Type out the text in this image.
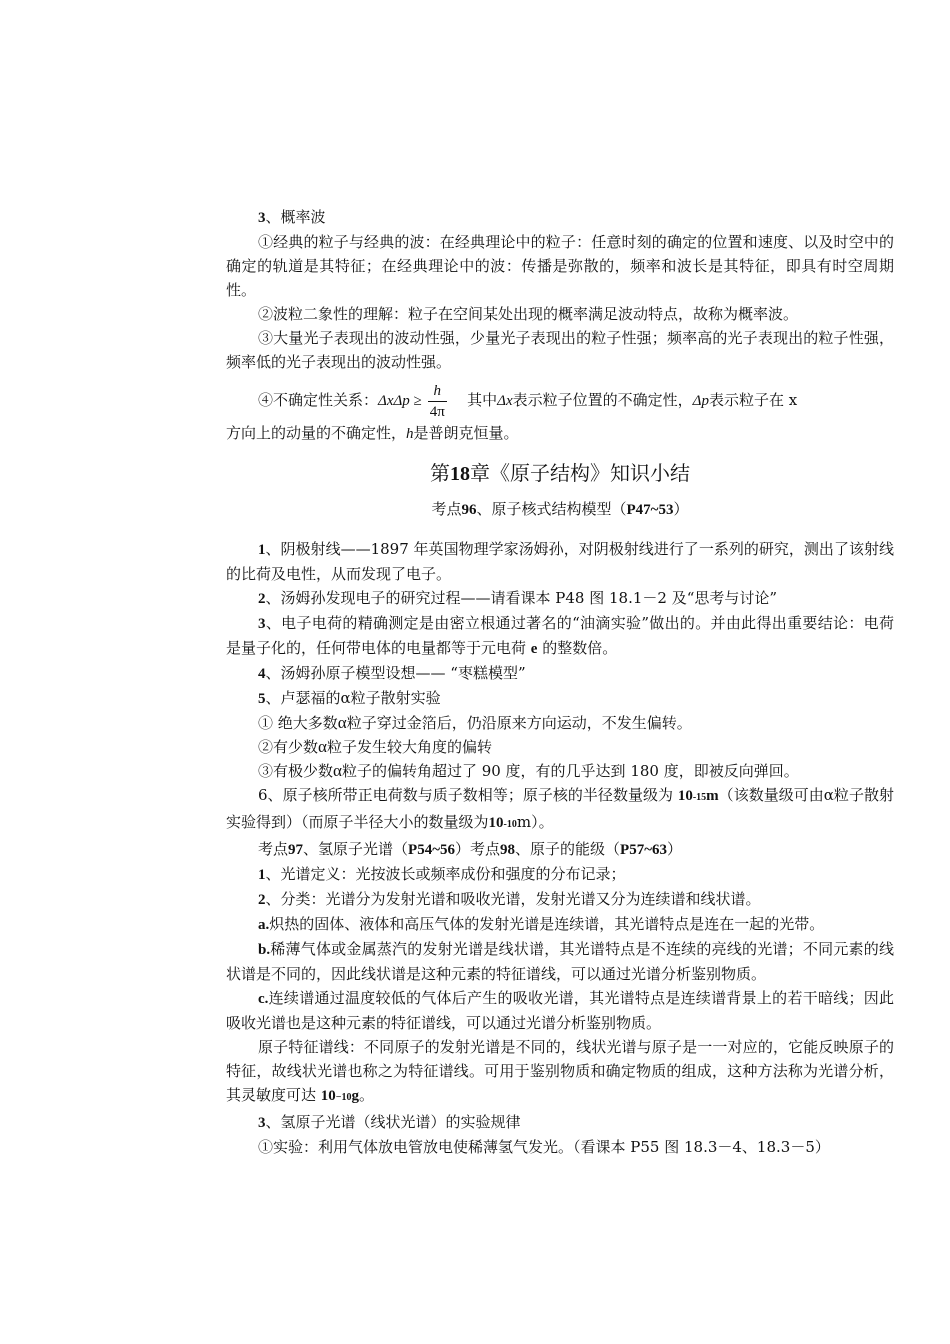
3、概率波

①经典的粒子与经典的波：在经典理论中的粒子：任意时刻的确定的位置和速度、以及时空中的确定的轨道是其特征；在经典理论中的波：传播是弥散的，频率和波长是其特征，即具有时空周期性。

②波粒二象性的理解：粒子在空间某处出现的概率满足波动特点，故称为概率波。

③大量光子表现出的波动性强，少量光子表现出的粒子性强；频率高的光子表现出的粒子性强，频率低的光子表现出的波动性强。

④不确定性关系：$\Delta x\Delta p \ge \frac{h}{4\pi}$ 其中Δx表示粒子位置的不确定性，Δp表示粒子在 x

方向上的动量的不确定性，h是普朗克恒量。

第18章《原子结构》知识小结

考点96、原子核式结构模型（P47~53）

1、阴极射线——1897 年英国物理学家汤姆孙，对阴极射线进行了一系列的研究，测出了该射线的比荷及电性，从而发现了电子。

2、汤姆孙发现电子的研究过程——请看课本 P48 图 18.1－2 及“思考与讨论”

3、电子电荷的精确测定是由密立根通过著名的“油滴实验”做出的。并由此得出重要结论：电荷是量子化的，任何带电体的电量都等于元电荷 e 的整数倍。

4、汤姆孙原子模型设想—— “枣糕模型”

5、卢瑟福的α粒子散射实验

① 绝大多数α粒子穿过金箔后，仍沿原来方向运动，不发生偏转。

②有少数α粒子发生较大角度的偏转

③有极少数α粒子的偏转角超过了 90 度，有的几乎达到 180 度，即被反向弹回。

6、原子核所带正电荷数与质子数相等；原子核的半径数量级为 10-15m（该数量级可由α粒子散射实验得到）（而原子半径大小的数量级为10-10m）。

考点97、氢原子光谱（P54~56）考点98、原子的能级（P57~63）

1、光谱定义：光按波长或频率成份和强度的分布记录；

2、分类：光谱分为发射光谱和吸收光谱，发射光谱又分为连续谱和线状谱。

a.炽热的固体、液体和高压气体的发射光谱是连续谱，其光谱特点是连在一起的光带。

b.稀薄气体或金属蒸汽的发射光谱是线状谱，其光谱特点是不连续的亮线的光谱；不同元素的线状谱是不同的，因此线状谱是这种元素的特征谱线，可以通过光谱分析鉴别物质。

c.连续谱通过温度较低的气体后产生的吸收光谱，其光谱特点是连续谱背景上的若干暗线；因此吸收光谱也是这种元素的特征谱线，可以通过光谱分析鉴别物质。

原子特征谱线：不同原子的发射光谱是不同的，线状光谱与原子是一一对应的，它能反映原子的特征，故线状光谱也称之为特征谱线。可用于鉴别物质和确定物质的组成，这种方法称为光谱分析，其灵敏度可达 10−10g。

3、氢原子光谱（线状光谱）的实验规律

①实验：利用气体放电管放电使稀薄氢气发光。（看课本 P55 图 18.3－4、18.3－5）
